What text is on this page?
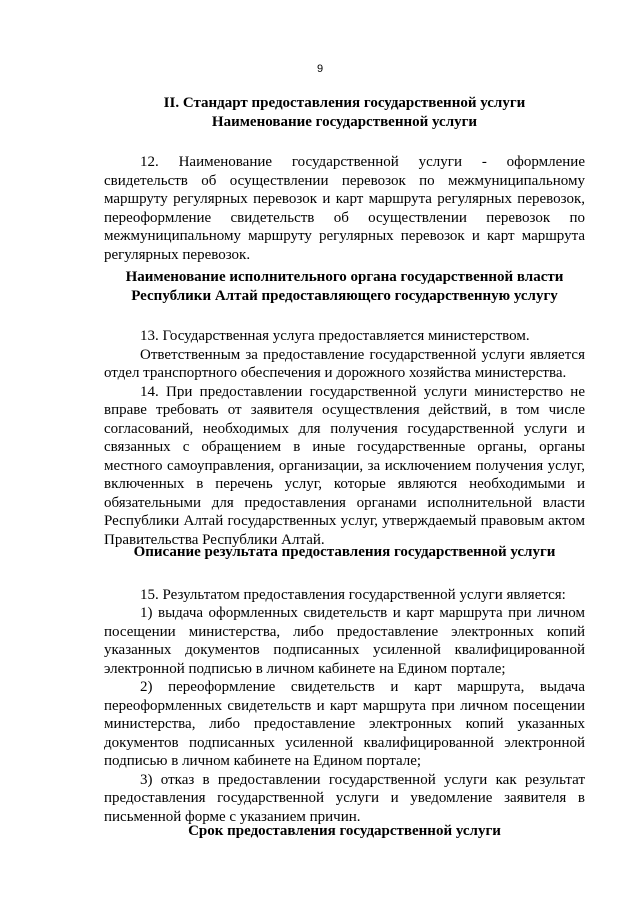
9
II. Стандарт предоставления государственной услуги
Наименование государственной услуги
12. Наименование государственной услуги - оформление свидетельств об осуществлении перевозок по межмуниципальному маршруту регулярных перевозок и карт маршрута регулярных перевозок, переоформление свидетельств об осуществлении перевозок по межмуниципальному маршруту регулярных перевозок и карт маршрута регулярных перевозок.
Наименование исполнительного органа государственной власти
Республики Алтай предоставляющего государственную услугу
13. Государственная услуга предоставляется министерством.
Ответственным за предоставление государственной услуги является отдел транспортного обеспечения и дорожного хозяйства министерства.
14. При предоставлении государственной услуги министерство не вправе требовать от заявителя осуществления действий, в том числе согласований, необходимых для получения государственной услуги и связанных с обращением в иные государственные органы, органы местного самоуправления, организации, за исключением получения услуг, включенных в перечень услуг, которые являются необходимыми и обязательными для предоставления органами исполнительной власти Республики Алтай государственных услуг, утверждаемый правовым актом Правительства Республики Алтай.
Описание результата предоставления государственной услуги
15. Результатом предоставления государственной услуги является:
1) выдача оформленных свидетельств и карт маршрута при личном посещении министерства, либо предоставление электронных копий указанных документов подписанных усиленной квалифицированной электронной подписью в личном кабинете на Едином портале;
2) переоформление свидетельств и карт маршрута, выдача переоформленных свидетельств и карт маршрута при личном посещении министерства, либо предоставление электронных копий указанных документов подписанных усиленной квалифицированной электронной подписью в личном кабинете на Едином портале;
3) отказ в предоставлении государственной услуги как результат предоставления государственной услуги и уведомление заявителя в письменной форме с указанием причин.
Срок предоставления государственной услуги
